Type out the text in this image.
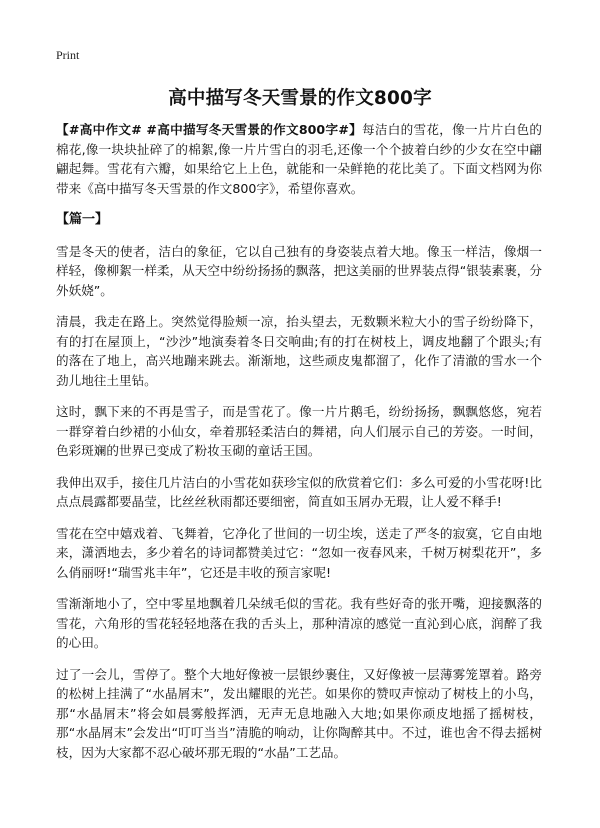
Print
高中描写冬天雪景的作文800字

【#高中作文# #高中描写冬天雪景的作文800字#】每洁白的雪花，像一片片白色的棉花,像一块块扯碎了的棉絮,像一片片雪白的羽毛,还像一个个披着白纱的少女在空中翩翩起舞。雪花有六瓣，如果给它上上色，就能和一朵鲜艳的花比美了。下面文档网为你带来《高中描写冬天雪景的作文800字》，希望你喜欢。

【篇一】

雪是冬天的使者，洁白的象征，它以自己独有的身姿装点着大地。像玉一样洁，像烟一样轻，像柳絮一样柔，从天空中纷纷扬扬的飘落，把这美丽的世界装点得“银装素裹，分外妖娆”。

清晨，我走在路上。突然觉得脸颊一凉，抬头望去，无数颗米粒大小的雪子纷纷降下，有的打在屋顶上，“沙沙”地演奏着冬日交响曲;有的打在树枝上，调皮地翻了个跟头;有的落在了地上，高兴地蹦来跳去。渐渐地，这些顽皮鬼都溜了，化作了清澈的雪水一个劲儿地往土里钻。

这时，飘下来的不再是雪子，而是雪花了。像一片片鹅毛，纷纷扬扬，飘飘悠悠，宛若一群穿着白纱裙的小仙女，牵着那轻柔洁白的舞裙，向人们展示自己的芳姿。一时间，色彩斑斓的世界已变成了粉妆玉砌的童话王国。

我伸出双手，接住几片洁白的小雪花如获珍宝似的欣赏着它们：多么可爱的小雪花呀!比点点晨露都要晶莹，比丝丝秋雨都还要细密，简直如玉屑办无瑕，让人爱不释手!

雪花在空中嬉戏着、飞舞着，它净化了世间的一切尘埃，送走了严冬的寂寞，它自由地来，潇洒地去，多少着名的诗词都赞美过它：“忽如一夜春风来，千树万树梨花开”，多么俏丽呀!“瑞雪兆丰年”，它还是丰收的预言家呢!

雪渐渐地小了，空中零星地飘着几朵绒毛似的雪花。我有些好奇的张开嘴，迎接飘落的雪花，六角形的雪花轻轻地落在我的舌头上，那种清凉的感觉一直沁到心底，润醉了我的心田。

过了一会儿，雪停了。整个大地好像被一层银纱裹住，又好像被一层薄雾笼罩着。路旁的松树上挂满了“水晶屑末”，发出耀眼的光芒。如果你的赞叹声惊动了树枝上的小鸟，那“水晶屑末”将会如晨雾般挥洒，无声无息地融入大地;如果你顽皮地摇了摇树枝，那“水晶屑末”会发出“叮叮当当”清脆的响动，让你陶醉其中。不过，谁也舍不得去摇树枝，因为大家都不忍心破坏那无瑕的“水晶”工艺品。
